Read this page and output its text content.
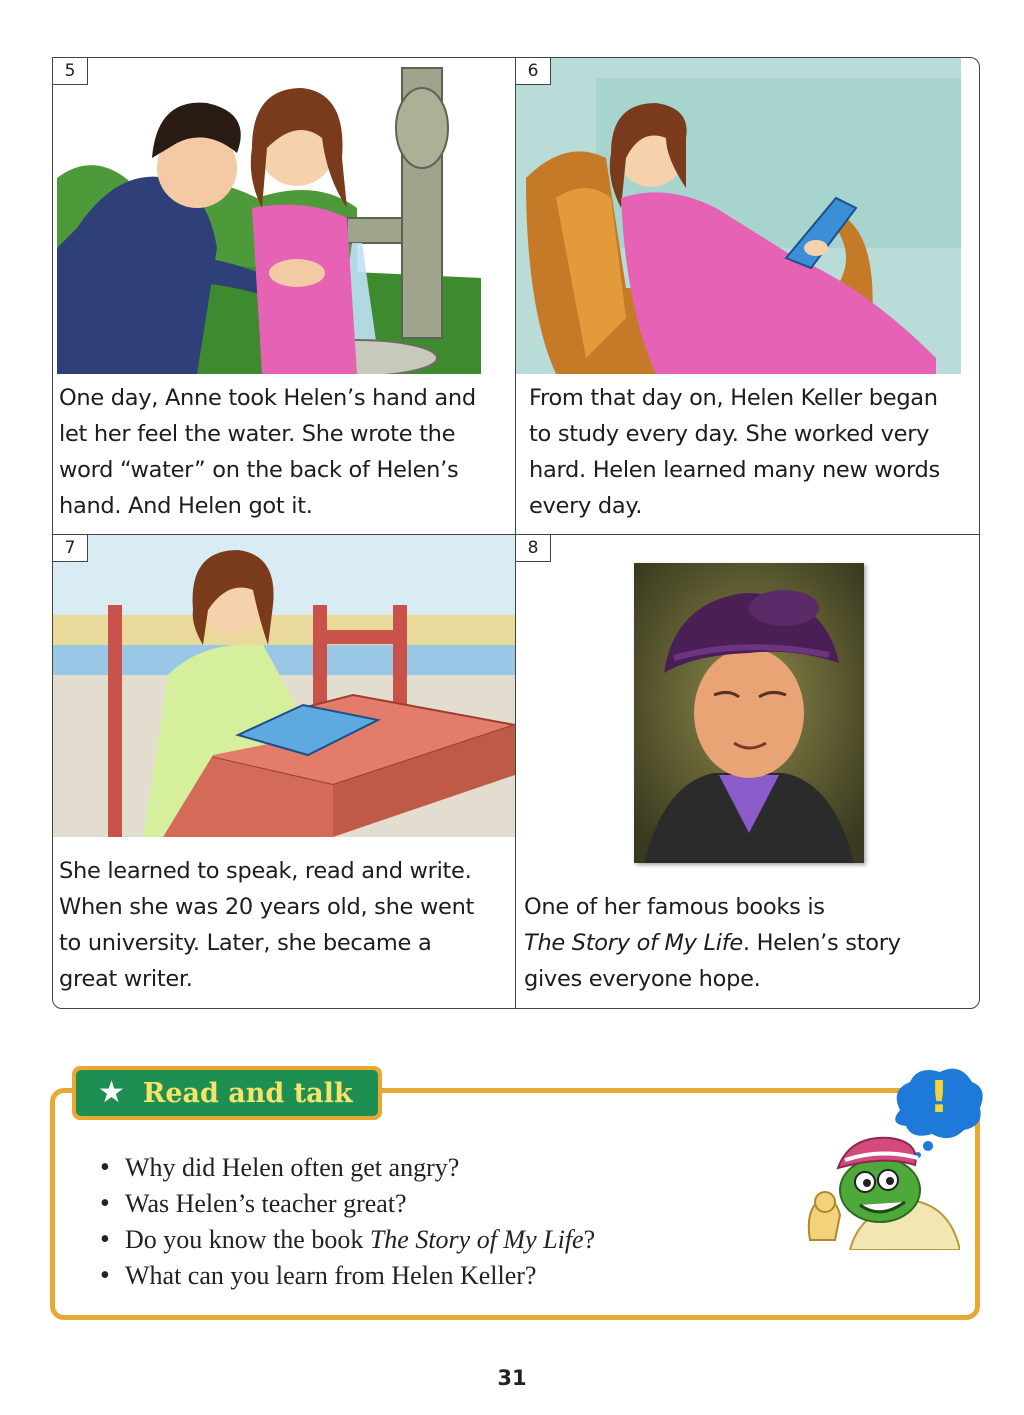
5
One day, Anne took Helen’s hand and
let her feel the water. She wrote the
word “water” on the back of Helen’s
hand. And Helen got it.
6
From that day on, Helen Keller began
to study every day. She worked very
hard. Helen learned many new words
every day.
7
She learned to speak, read and write.
When she was 20 years old, she went
to university. Later, she became a
great writer.
8
One of her famous books is
The Story of My Life. Helen’s story
gives everyone hope.
★ Read and talk
• Why did Helen often get angry?
• Was Helen’s teacher great?
• Do you know the book The Story of My Life?
• What can you learn from Helen Keller?
!
31
